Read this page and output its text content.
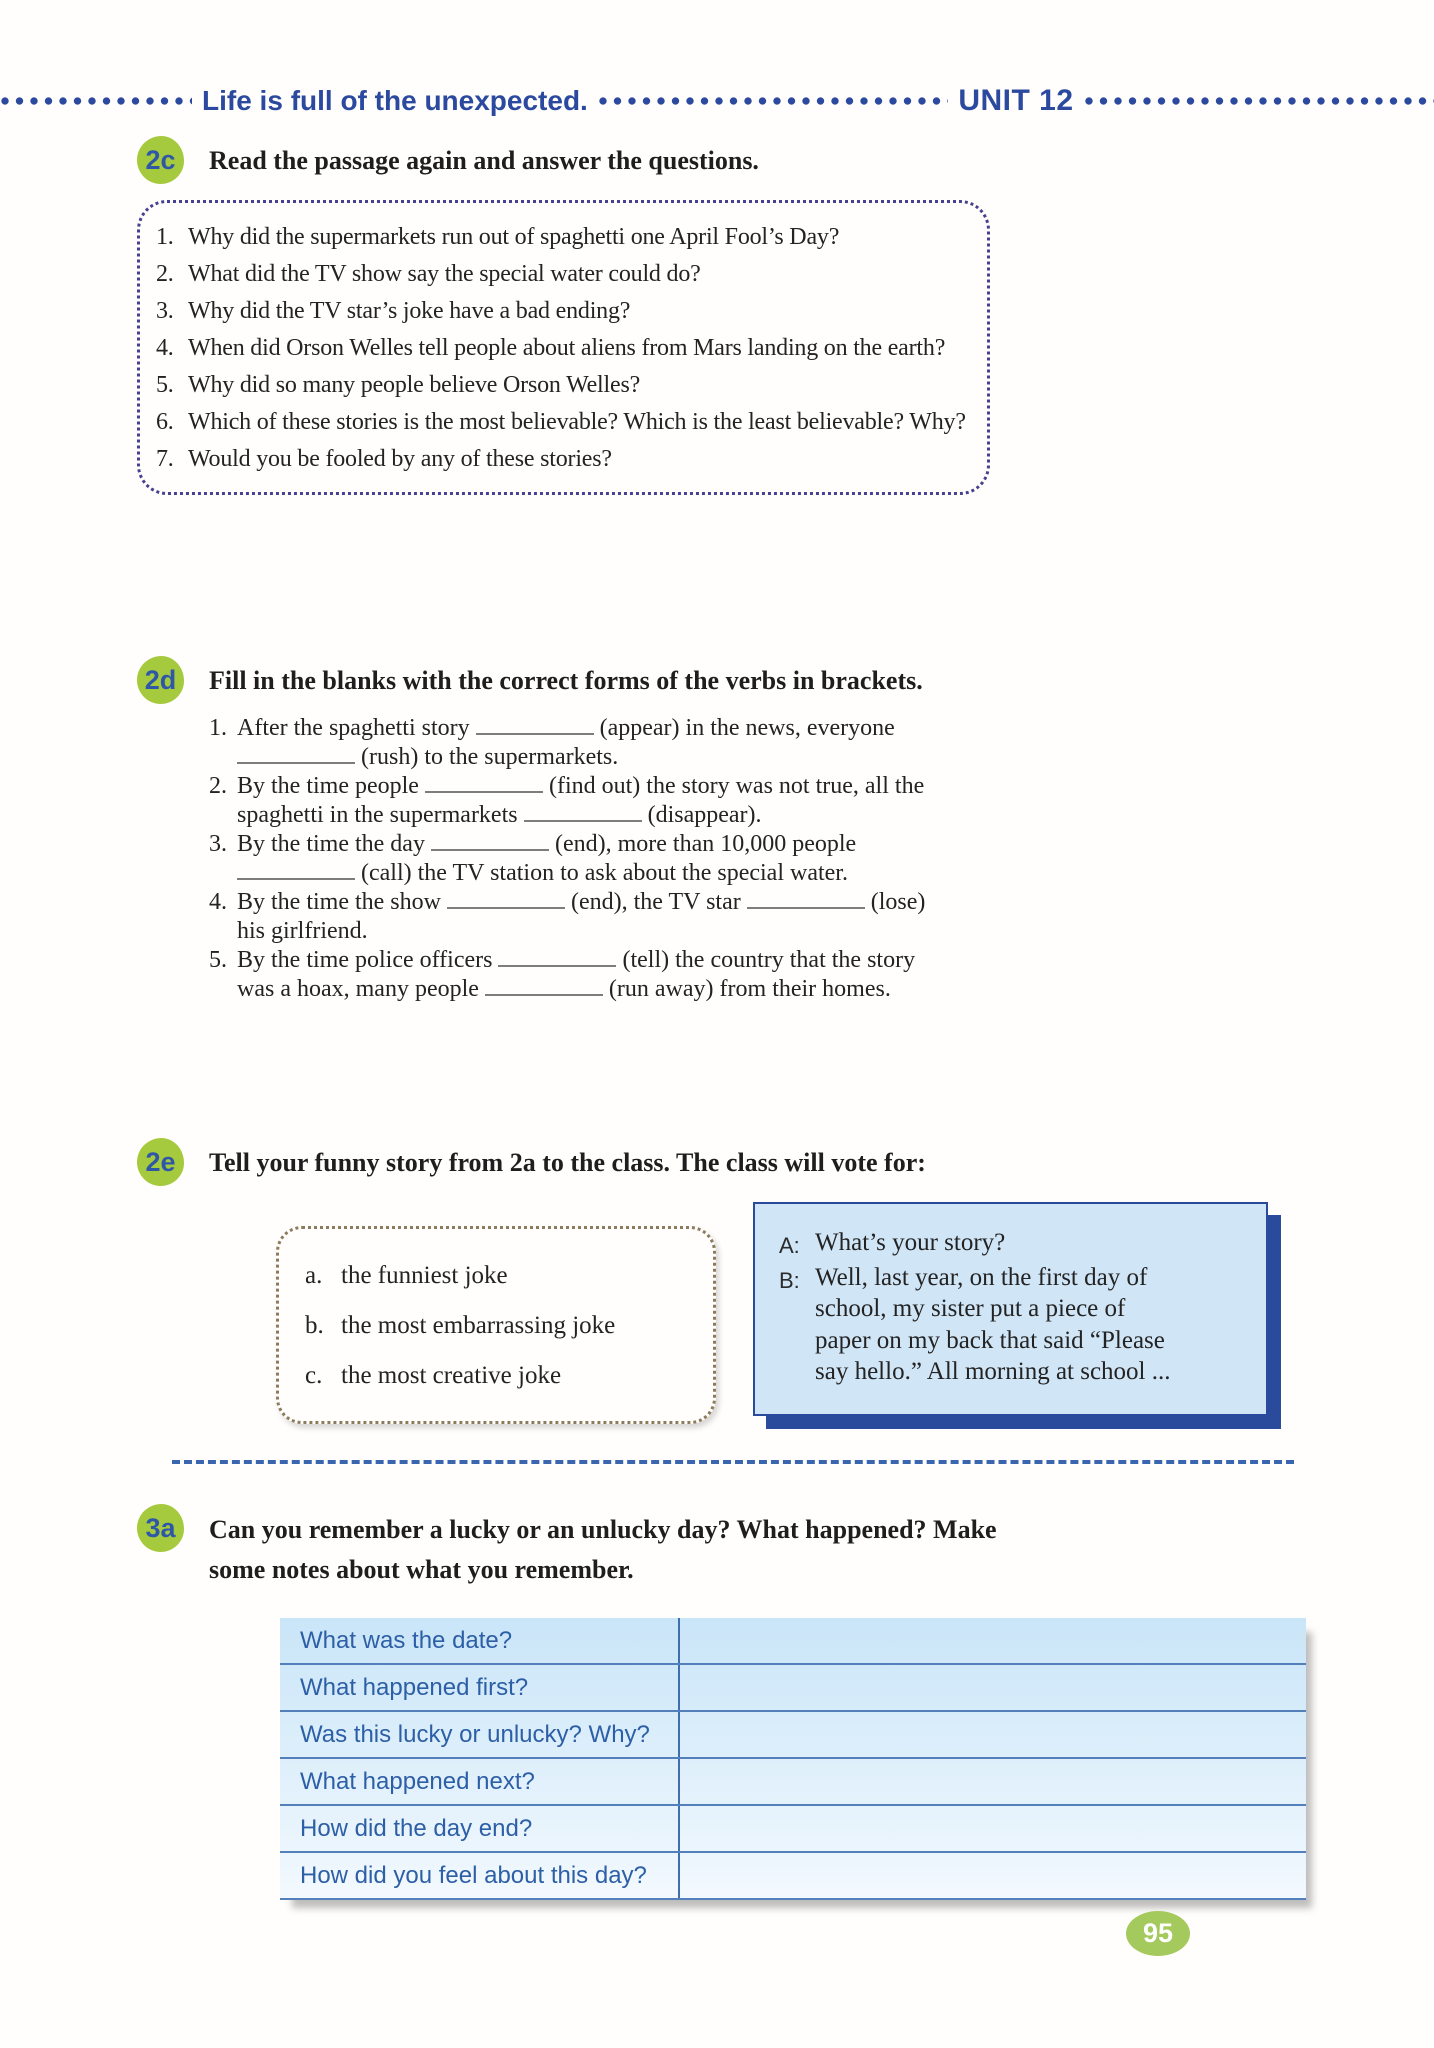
Life is full of the unexpected.	UNIT 12
2c	Read the passage again and answer the questions.
1. Why did the supermarkets run out of spaghetti one April Fool’s Day?
2. What did the TV show say the special water could do?
3. Why did the TV star’s joke have a bad ending?
4. When did Orson Welles tell people about aliens from Mars landing on the earth?
5. Why did so many people believe Orson Welles?
6. Which of these stories is the most believable? Which is the least believable? Why?
7. Would you be fooled by any of these stories?
2d Fill in the blanks with the correct forms of the verbs in brackets.
1. After the spaghetti story	(appear) in the news, everyone
(rush) to the supermarkets.
2. By the time people	(find out) the story was not true, all the
spaghetti in the supermarkets	(disappear).
3. By the time the day	(end), more than 10,000 people
(call) the TV station to ask about the special water.
4. By the time the show	(end), the TV star	(lose)
his girlfriend.
5. By the time police officers	(tell) the country that the story
was a hoax, many people	(run away) from their homes.
2e	Tell your funny story from 2a to the class. The class will vote for:
a. the funniest joke
b. the most embarrassing joke
c. the most creative joke
A: What’s your story?
B: Well, last year, on the first day of
school, my sister put a piece of
paper on my back that said “Please
say hello.” All morning at school ...
3a	Can you remember a lucky or an unlucky day? What happened? Make
some notes about what you remember.
What was the date?
What happened first?
Was this lucky or unlucky? Why?
What happened next?
How did the day end?
How did you feel about this day?
95
